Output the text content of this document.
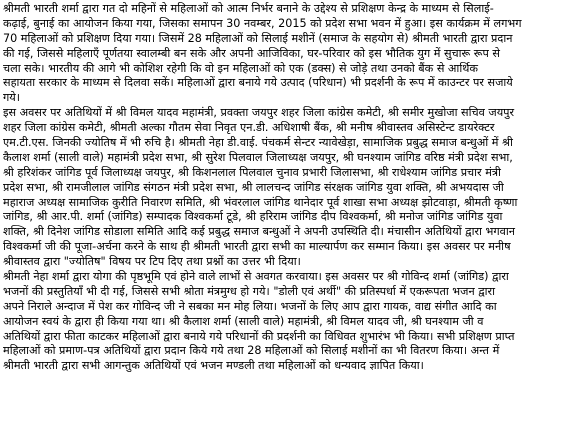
श्रीमती भारती शर्मा द्वारा गत दो महिनों से महिलाओं को आत्म निर्भर बनाने के उद्देश्य से प्रशिक्षण केन्द्र के माध्यम से सिलाई-
कढ़ाई, बुनाई का आयोजन किया गया, जिसका समापन 30 नवम्बर, 2015 को प्रदेश सभा भवन में हुआ। इस कार्यक्रम में लगभग
70 महिलाओं को प्रशिक्षण दिया गया। जिसमें 28 महिलाओं को सिलाई मशीनें (समाज के सहयोग से) श्रीमती भारती द्वारा प्रदान
की गई, जिससे महिलाएँ पूर्णतया स्वालम्बी बन सके और अपनी आजिविका, घर-परिवार को इस भौतिक युग में सुचारू रूप से
चला सके। भारतीय की आगे भी कोशिश रहेगी कि वो इन महिलाओं को एक (डक्स) से जोड़े तथा उनको बैंक से आर्थिक
सहायता सरकार के माध्यम से दिलवा सकें। महिलाओं द्वारा बनाये गये उत्पाद (परिधान) भी प्रदर्शनी के रूप में काउन्टर पर सजाये
गये।
इस अवसर पर अतिथियों में श्री विमल यादव महामंत्री, प्रवक्ता जयपुर शहर जिला कांग्रेस कमेटी, श्री समीर मुखोजा सचिव जयपुर
शहर जिला कांग्रेस कमेटी, श्रीमती अल्का गौतम सेवा निवृत एन.डी. अधिशाषी बैंक, श्री मनीष श्रीवास्तव असिस्टेन्ट डायरेक्टर
एम.टी.एस. जिनकी ज्योतिष में भी रुचि है। श्रीमती नेहा डी.वाई. पंचकर्म सेन्टर न्यावेखेड़ा, सामाजिक प्रबुद्ध समाज बन्धुओं में श्री
कैलाश शर्मा (साली वाले) महामंत्री प्रदेश सभा, श्री सुरेश पिलवाल जिलाध्यक्ष जयपुर, श्री घनश्याम जांगिड वरिष्ठ मंत्री प्रदेश सभा,
श्री हरिशंकर जांगिड पूर्व जिलाध्यक्ष जयपुर, श्री किशनलाल पिलवाल चुनाव प्रभारी जिलासभा, श्री राधेश्याम जांगिड प्रचार मंत्री
प्रदेश सभा, श्री रामजीलाल जांगिड संगठन मंत्री प्रदेश सभा, श्री लालचन्द जांगिड संरक्षक जांगिड युवा शक्ति, श्री अभयदास जी
महाराज अध्यक्ष सामाजिक कुरीति निवारण समिति, श्री भंवरलाल जांगिड थानेदार पूर्व शाखा सभा अध्यक्ष झोटवाड़ा, श्रीमती कृष्णा
जांगिड, श्री आर.पी. शर्मा (जांगिड) सम्पादक विश्वकर्मा टूडे, श्री हरिराम जांगिड दीप विश्वकर्मा, श्री मनोज जांगिड जांगिड युवा
शक्ति, श्री दिनेश जांगिड सोडाला समिति आदि कई प्रबुद्ध समाज बन्धुओं ने अपनी उपस्थिति दी। मंचासीन अतिथियों द्वारा भगवान
विश्वकर्मा जी की पूजा-अर्चना करने के साथ ही श्रीमती भारती द्वारा सभी का माल्यार्पण कर सम्मान किया। इस अवसर पर मनीष
श्रीवास्तव द्वारा "ज्योतिष" विषय पर टिप दिए तथा प्रश्नों का उत्तर भी दिया।
श्रीमती नेहा शर्मा द्वारा योगा की पृष्ठभूमि एवं होने वाले लाभों से अवगत करवाया। इस अवसर पर श्री गोविन्द शर्मा (जांगिड) द्वारा
भजनों की प्रस्तुतियाँ भी दी गई, जिससे सभी श्रोता मंत्रमुग्ध हो गये। "डोली एवं अर्थी" की प्रतिस्पर्धा में एकरूपता भजन द्वारा
अपने निराले अन्दाज में पेश कर गोविन्द जी ने सबका मन मोह लिया। भजनों के लिए आप द्वारा गायक, वाद्य संगीत आदि का
आयोजन स्वयं के द्वारा ही किया गया था। श्री कैलाश शर्मा (साली वाले) महामंत्री, श्री विमल यादव जी, श्री घनश्याम जी व
अतिथियों द्वारा फीता काटकर महिलाओं द्वारा बनाये गये परिधानों की प्रदर्शनी का विधिवत शुभारंभ भी किया। सभी प्रशिक्षण प्राप्त
महिलाओं को प्रमाण-पत्र अतिथियों द्वारा प्रदान किये गये तथा 28 महिलाओं को सिलाई मशीनों का भी वितरण किया। अन्त में
श्रीमती भारती द्वारा सभी आगन्तुक अतिथियों एवं भजन मण्डली तथा महिलाओं को धन्यवाद ज्ञापित किया।
